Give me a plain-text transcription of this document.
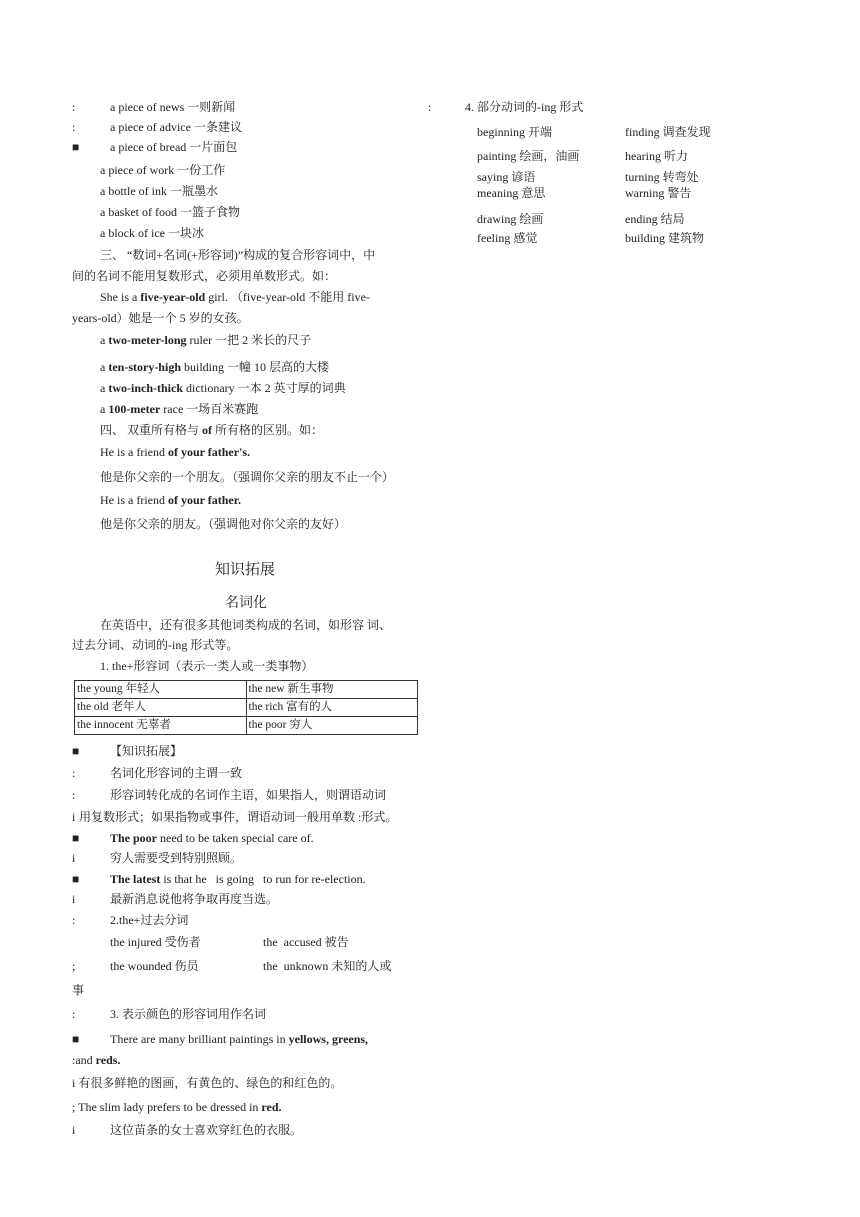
:	a piece of news 一则新闻
:	a piece of advice 一条建议
■	a piece of bread 一片面包
a piece of work 一份工作
a bottle of ink 一瓶墨水
a basket of food 一篮子食物
a block of ice 一块冰
三、 “数词+名词(+形容词)”构成的复合形容词中，中
间的名词不能用复数形式，必须用单数形式。如：
She is a five-year-old girl. （five-year-old 不能用 five-
years-old）她是一个 5 岁的女孩。
a two-meter-long ruler 一把 2 米长的尺子
a ten-story-high building 一幢 10 层高的大楼
a two-inch-thick dictionary 一本 2 英寸厚的词典
a 100-meter race 一场百米赛跑
四、 双重所有格与 of 所有格的区别。如：
He is a friend of your father's.
他是你父亲的一个朋友。（强调你父亲的朋友不止一个）
He is a friend of your father.
他是你父亲的朋友。（强调他对你父亲的友好）
知识拓展
名词化
在英语中，还有很多其他词类构成的名词，如形容 词、
过去分词、动词的-ing 形式等。
1. the+形容词（表示一类人或一类事物）
the young 年轻人	the new 新生事物
the old 老年人	the rich 富有的人
the innocent 无辜者	the poor 穷人
■	【知识拓展】
:	名词化形容词的主谓一致
:	形容词转化成的名词作主语，如果指人，则谓语动词
i 用复数形式；如果指物或事件，谓语动词一般用单数 :形式。
■	The poor need to be taken special care of.
i	穷人需要受到特别照顾。
■	The latest is that he   is going   to run for re-election.
i	最新消息说他将争取再度当选。
:	2.the+过去分词
the injured 受伤者	the  accused 被告
;	the wounded 伤员	the  unknown 未知的人或
事
:	3. 表示颜色的形容词用作名词
■	There are many brilliant paintings in yellows, greens,
:and reds.
i 有很多鲜艳的图画，有黄色的、绿色的和红色的。
; The slim lady prefers to be dressed in red.
i	这位苗条的女士喜欢穿红色的衣服。
:	4. 部分动词的-ing 形式
beginning 开端	finding 调查发现
painting 绘画，油画	hearing 听力
saying 谚语	turning 转弯处
meaning 意思	warning 警告
drawing 绘画	ending 结局
feeling 感觉	building 建筑物
